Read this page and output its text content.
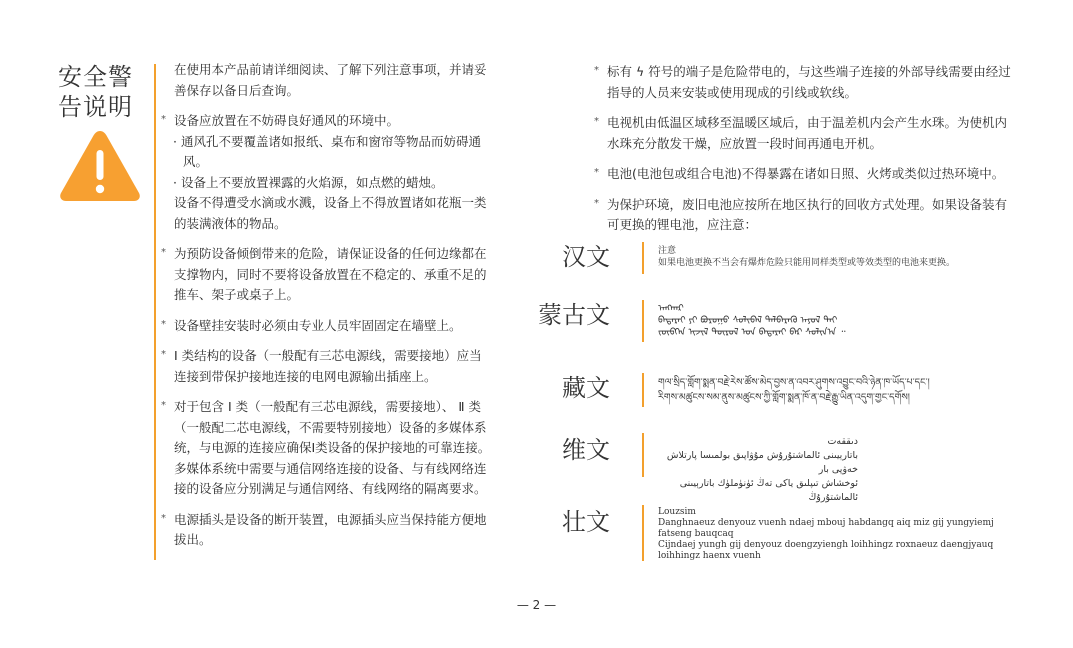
安全警
告说明

在使用本产品前请详细阅读、了解下列注意事项，并请妥善保存以备日后查询。

* 设备应放置在不妨碍良好通风的环境中。

· 通风孔不要覆盖诸如报纸、桌布和窗帘等物品而妨碍通风。

· 设备上不要放置裸露的火焰源，如点燃的蜡烛。

设备不得遭受水滴或水溅，设备上不得放置诸如花瓶一类的装满液体的物品。

* 为预防设备倾倒带来的危险，请保证设备的任何边缘都在支撑物内，同时不要将设备放置在不稳定的、承重不足的推车、架子或桌子上。

* 设备壁挂安装时必须由专业人员牢固固定在墙壁上。

* Ⅰ 类结构的设备（一般配有三芯电源线，需要接地）应当连接到带保护接地连接的电网电源输出插座上。

* 对于包含 Ⅰ 类（一般配有三芯电源线，需要接地）、 Ⅱ 类（一般配二芯电源线，不需要特别接地）设备的多媒体系统，与电源的连接应确保Ⅰ类设备的保护接地的可靠连接。多媒体系统中需要与通信网络连接的设备、与有线网络连接的设备应分别满足与通信网络、有线网络的隔离要求。

* 电源插头是设备的断开装置，电源插头应当保持能方便地拔出。

* 标有 ϟ 符号的端子是危险带电的，与这些端子连接的外部导线需要由经过指导的人员来安装或使用现成的引线或软线。

* 电视机由低温区域移至温暖区域后，由于温差机内会产生水珠。为使机内水珠充分散发干燥，应放置一段时间再通电开机。

* 电池(电池包或组合电池)不得暴露在诸如日照、火烤或类似过热环境中。

* 为保护环境，废旧电池应按所在地区执行的回收方式处理。如果设备装有可更换的锂电池，应注意：

汉文	注意
如果电池更换不当会有爆炸危险只能用同样类型或等效类型的电池来更换。
蒙古文	ᠠᠩᠬᠠᠷ
ᠪᠠᠲᠠᠷᠡᠢ ᠶᠢ ᠪᠤᠷᠤᠭᠤ ᠰᠣᠯᠢᠪᠠᠯ ᠳᠡᠯᠪᠡᠷᠡᠬᠦ ᠠᠶᠤᠯ ᠲᠠᠢ
ᠵᠥᠪᠬᠡᠨ ᠢᠵᠢᠯ ᠲᠥᠷᠥᠯ ᠤᠨ ᠪᠠᠲᠠᠷᠡᠢ ᠪᠡᠷ ᠰᠣᠯᠢᠨ᠎ᠠ ᠃
藏文	གལ་སྲིད་གློག་སྨན་བརྗེ་རེས་ཚོས་མེད་བྱས་ན་འབར་ཤུགས་འབྱུང་བའི་ཉེན་ཁ་ཡོད་པ་དང་།
རིགས་མཚུངས་སམ་ནུས་མཚུངས་ཀྱི་གློག་སྨན་ཁོ་ན་བརྗེ་རྒྱུ་ཡིན་འདུག་གྱང་དགོས།
维文	دىققەت
باتارېيىنى ئالماشتۇرۇش مۇۋاپىق بولمىسا پارتلاش خەۋپى بار
ئوخشاش تىپلىق ياكى تەڭ ئۈنۈملۈك باتارېيىنى ئالماشتۇرۇڭ
壮文	Louzsim
Danghnaeuz denyouz vuenh ndaej mbouj habdangq aiq miz gij yungyiemj fatseng bauqcaq
Cijndaej yungh gij denyouz doengzyiengh loihhingz roxnaeuz daengjyauq loihhingz haenx vuenh
— 2 —
